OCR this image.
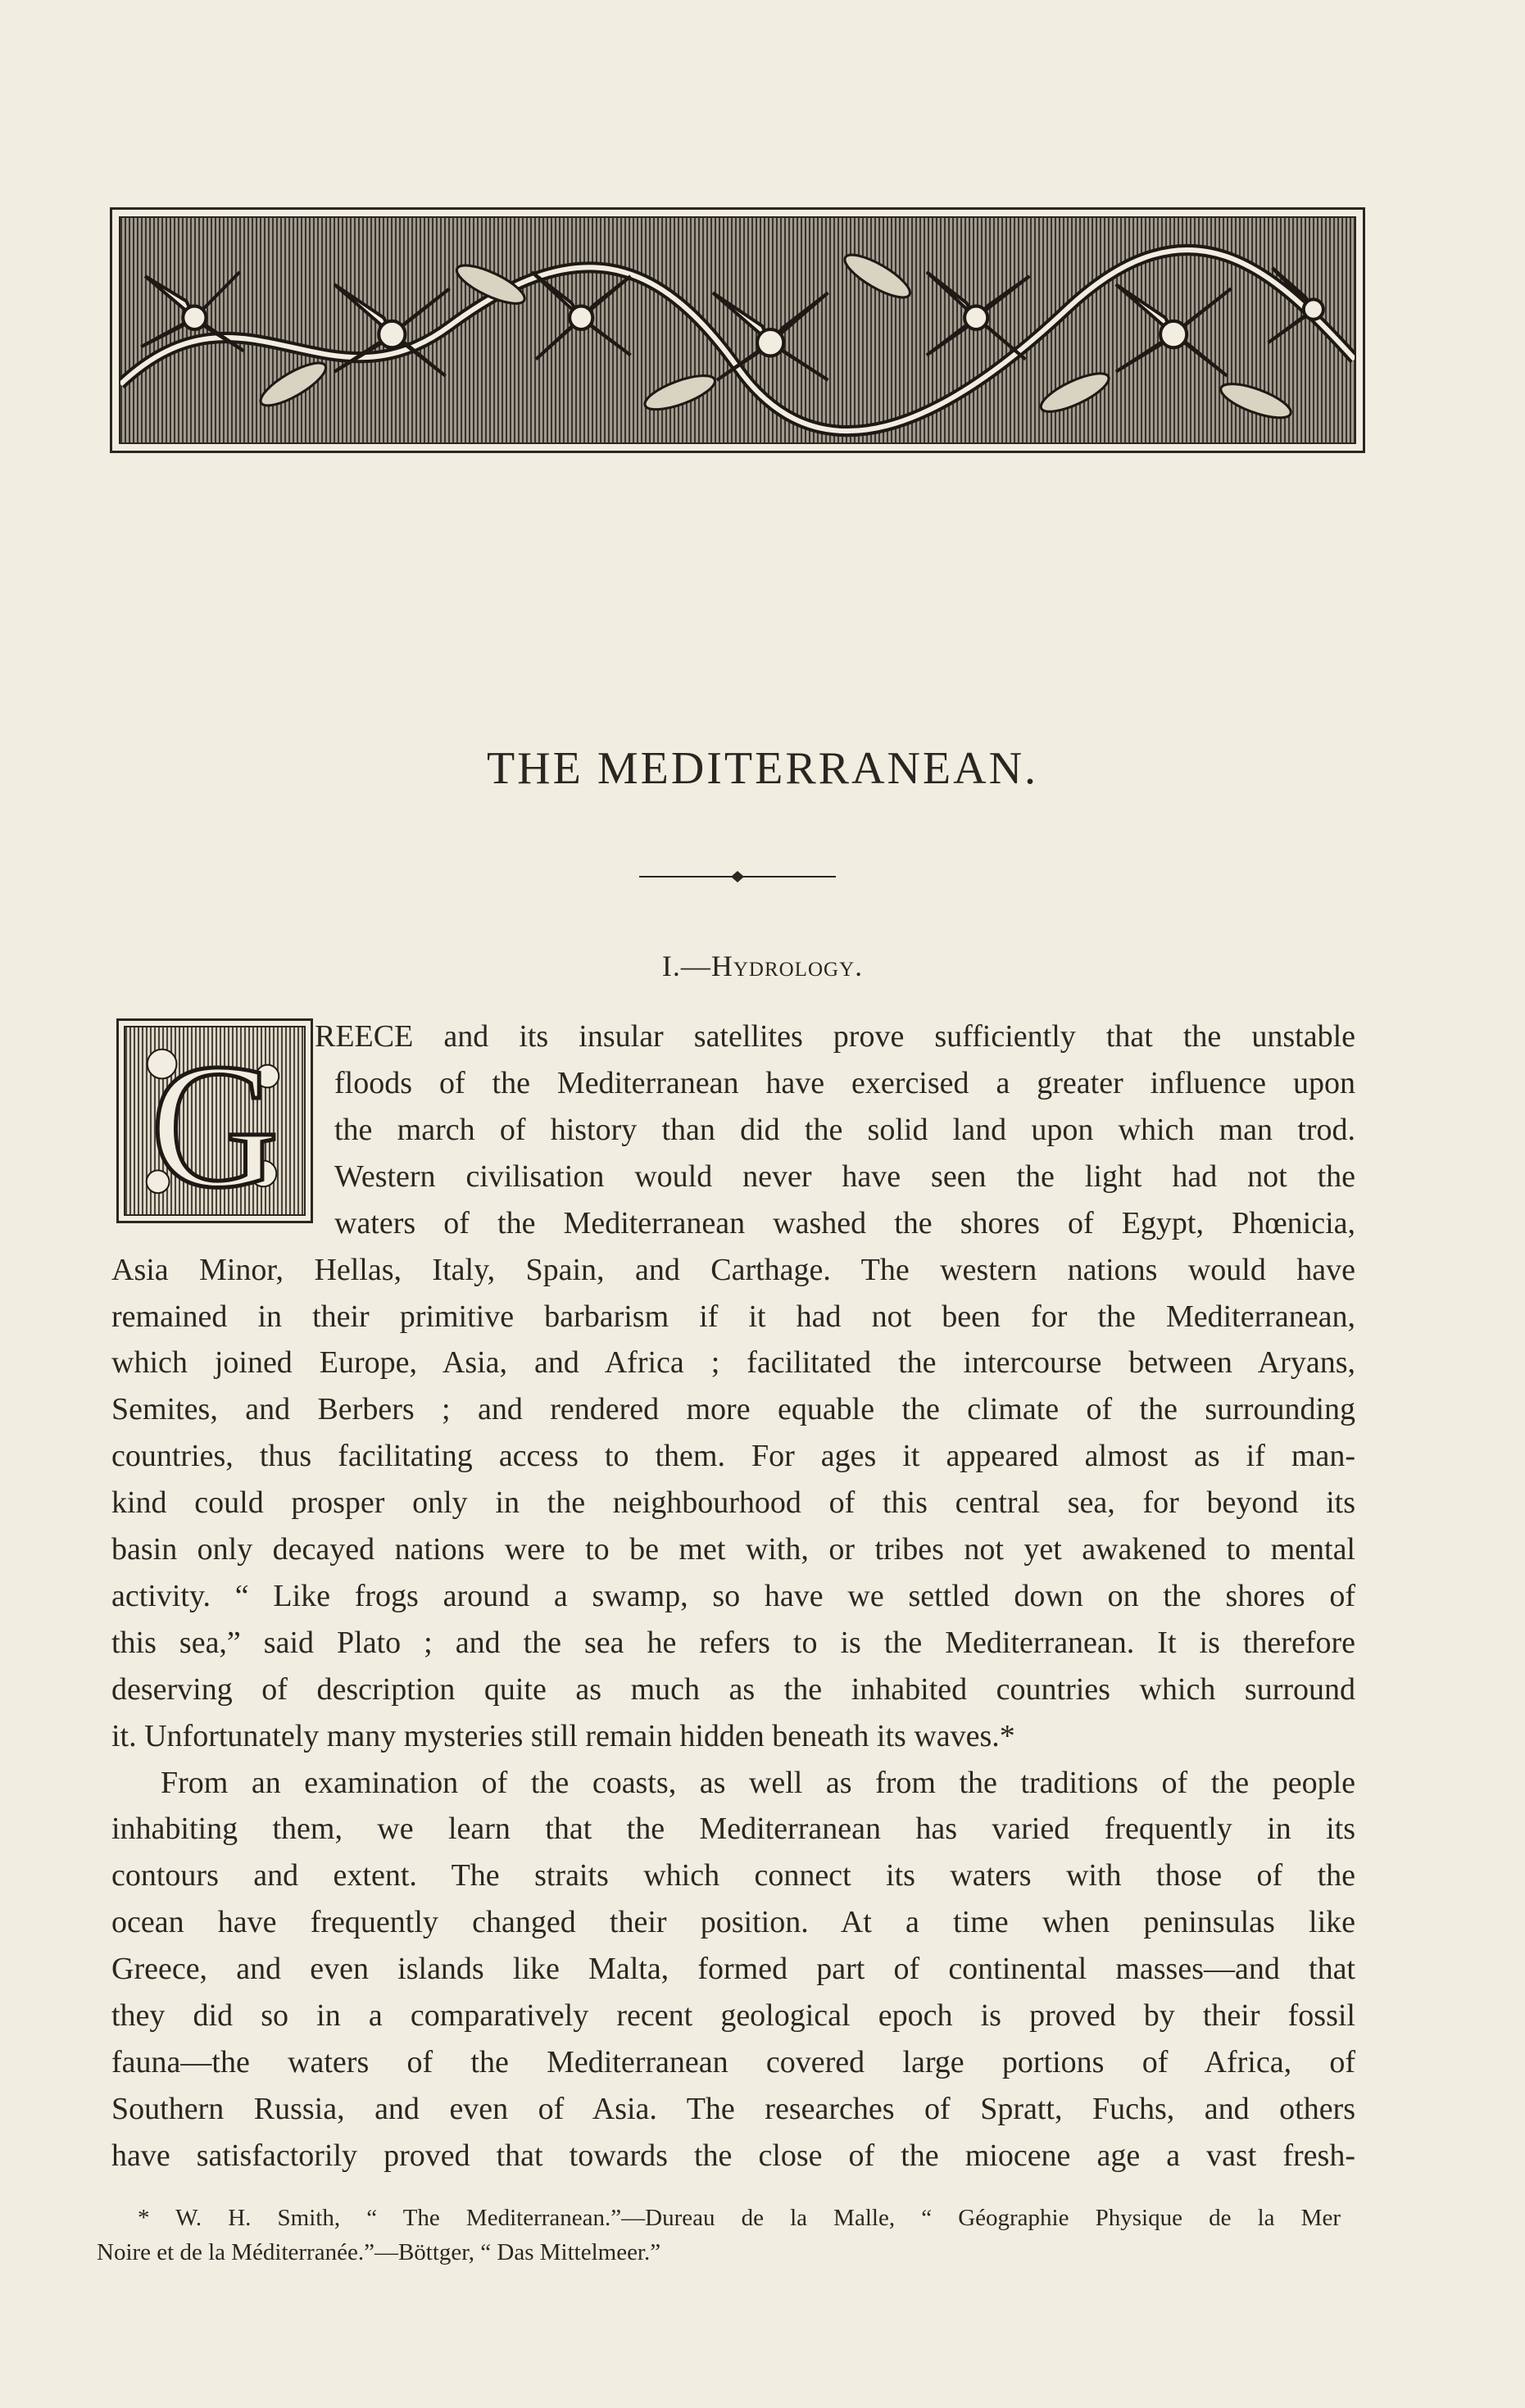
THE MEDITERRANEAN.
I.—Hydrology.
G REECE and its insular satellites prove sufficiently that the unstable
floods of the Mediterranean have exercised a greater influence upon
the march of history than did the solid land upon which man trod.
Western civilisation would never have seen the light had not the
waters of the Mediterranean washed the shores of Egypt, Phœnicia,
Asia Minor, Hellas, Italy, Spain, and Carthage. The western nations would have
remained in their primitive barbarism if it had not been for the Mediterranean,
which joined Europe, Asia, and Africa ; facilitated the intercourse between Aryans,
Semites, and Berbers ; and rendered more equable the climate of the surrounding
countries, thus facilitating access to them. For ages it appeared almost as if man-
kind could prosper only in the neighbourhood of this central sea, for beyond its
basin only decayed nations were to be met with, or tribes not yet awakened to mental
activity. “ Like frogs around a swamp, so have we settled down on the shores of
this sea,” said Plato ; and the sea he refers to is the Mediterranean. It is therefore
deserving of description quite as much as the inhabited countries which surround
it. Unfortunately many mysteries still remain hidden beneath its waves.*
From an examination of the coasts, as well as from the traditions of the people
inhabiting them, we learn that the Mediterranean has varied frequently in its
contours and extent. The straits which connect its waters with those of the
ocean have frequently changed their position. At a time when peninsulas like
Greece, and even islands like Malta, formed part of continental masses—and that
they did so in a comparatively recent geological epoch is proved by their fossil
fauna—the waters of the Mediterranean covered large portions of Africa, of
Southern Russia, and even of Asia. The researches of Spratt, Fuchs, and others
have satisfactorily proved that towards the close of the miocene age a vast fresh-
* W. H. Smith, “ The Mediterranean.”—Dureau de la Malle, “ Géographie Physique de la Mer
Noire et de la Méditerranée.”—Böttger, “ Das Mittelmeer.”
